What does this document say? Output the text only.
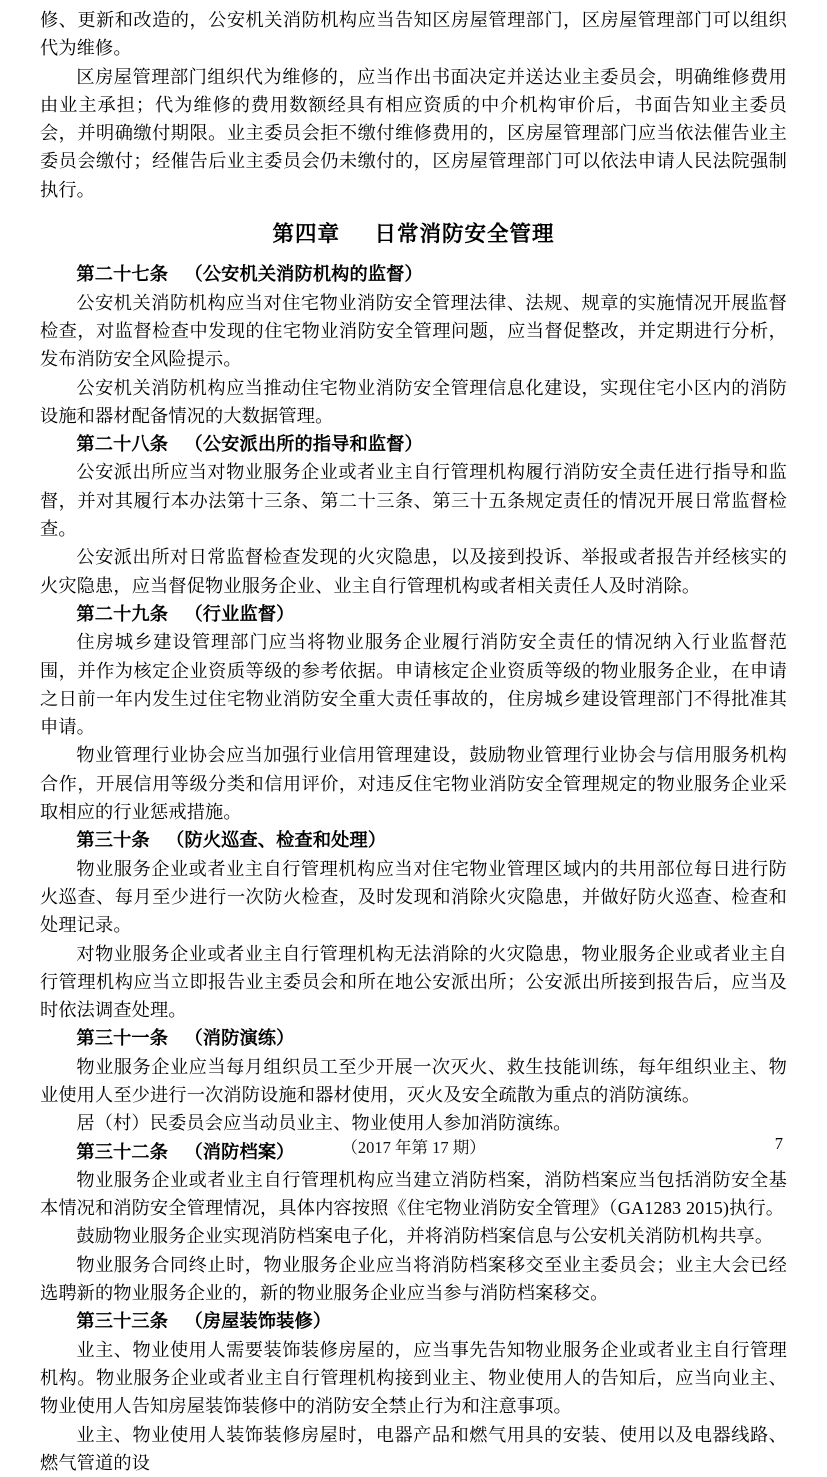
修、更新和改造的，公安机关消防机构应当告知区房屋管理部门，区房屋管理部门可以组织代为维修。

区房屋管理部门组织代为维修的，应当作出书面决定并送达业主委员会，明确维修费用由业主承担；代为维修的费用数额经具有相应资质的中介机构审价后，书面告知业主委员会，并明确缴付期限。业主委员会拒不缴付维修费用的，区房屋管理部门应当依法催告业主委员会缴付；经催告后业主委员会仍未缴付的，区房屋管理部门可以依法申请人民法院强制执行。

第四章 日常消防安全管理

第二十七条 （公安机关消防机构的监督）

公安机关消防机构应当对住宅物业消防安全管理法律、法规、规章的实施情况开展监督检查，对监督检查中发现的住宅物业消防安全管理问题，应当督促整改，并定期进行分析，发布消防安全风险提示。

公安机关消防机构应当推动住宅物业消防安全管理信息化建设，实现住宅小区内的消防设施和器材配备情况的大数据管理。

第二十八条 （公安派出所的指导和监督）

公安派出所应当对物业服务企业或者业主自行管理机构履行消防安全责任进行指导和监督，并对其履行本办法第十三条、第二十三条、第三十五条规定责任的情况开展日常监督检查。

公安派出所对日常监督检查发现的火灾隐患，以及接到投诉、举报或者报告并经核实的火灾隐患，应当督促物业服务企业、业主自行管理机构或者相关责任人及时消除。

第二十九条 （行业监督）

住房城乡建设管理部门应当将物业服务企业履行消防安全责任的情况纳入行业监督范围，并作为核定企业资质等级的参考依据。申请核定企业资质等级的物业服务企业，在申请之日前一年内发生过住宅物业消防安全重大责任事故的，住房城乡建设管理部门不得批准其申请。

物业管理行业协会应当加强行业信用管理建设，鼓励物业管理行业协会与信用服务机构合作，开展信用等级分类和信用评价，对违反住宅物业消防安全管理规定的物业服务企业采取相应的行业惩戒措施。

第三十条 （防火巡查、检查和处理）

物业服务企业或者业主自行管理机构应当对住宅物业管理区域内的共用部位每日进行防火巡查、每月至少进行一次防火检查，及时发现和消除火灾隐患，并做好防火巡查、检查和处理记录。

对物业服务企业或者业主自行管理机构无法消除的火灾隐患，物业服务企业或者业主自行管理机构应当立即报告业主委员会和所在地公安派出所；公安派出所接到报告后，应当及时依法调查处理。

第三十一条 （消防演练）

物业服务企业应当每月组织员工至少开展一次灭火、救生技能训练，每年组织业主、物业使用人至少进行一次消防设施和器材使用，灭火及安全疏散为重点的消防演练。

居（村）民委员会应当动员业主、物业使用人参加消防演练。

第三十二条 （消防档案）

物业服务企业或者业主自行管理机构应当建立消防档案，消防档案应当包括消防安全基本情况和消防安全管理情况，具体内容按照《住宅物业消防安全管理》（GA1283 2015)执行。

鼓励物业服务企业实现消防档案电子化，并将消防档案信息与公安机关消防机构共享。

物业服务合同终止时，物业服务企业应当将消防档案移交至业主委员会；业主大会已经选聘新的物业服务企业的，新的物业服务企业应当参与消防档案移交。

第三十三条 （房屋装饰装修）

业主、物业使用人需要装饰装修房屋的，应当事先告知物业服务企业或者业主自行管理机构。物业服务企业或者业主自行管理机构接到业主、物业使用人的告知后，应当向业主、物业使用人告知房屋装饰装修中的消防安全禁止行为和注意事项。

业主、物业使用人装饰装修房屋时，电器产品和燃气用具的安装、使用以及电器线路、燃气管道的设

（2017 年第 17 期）	7
